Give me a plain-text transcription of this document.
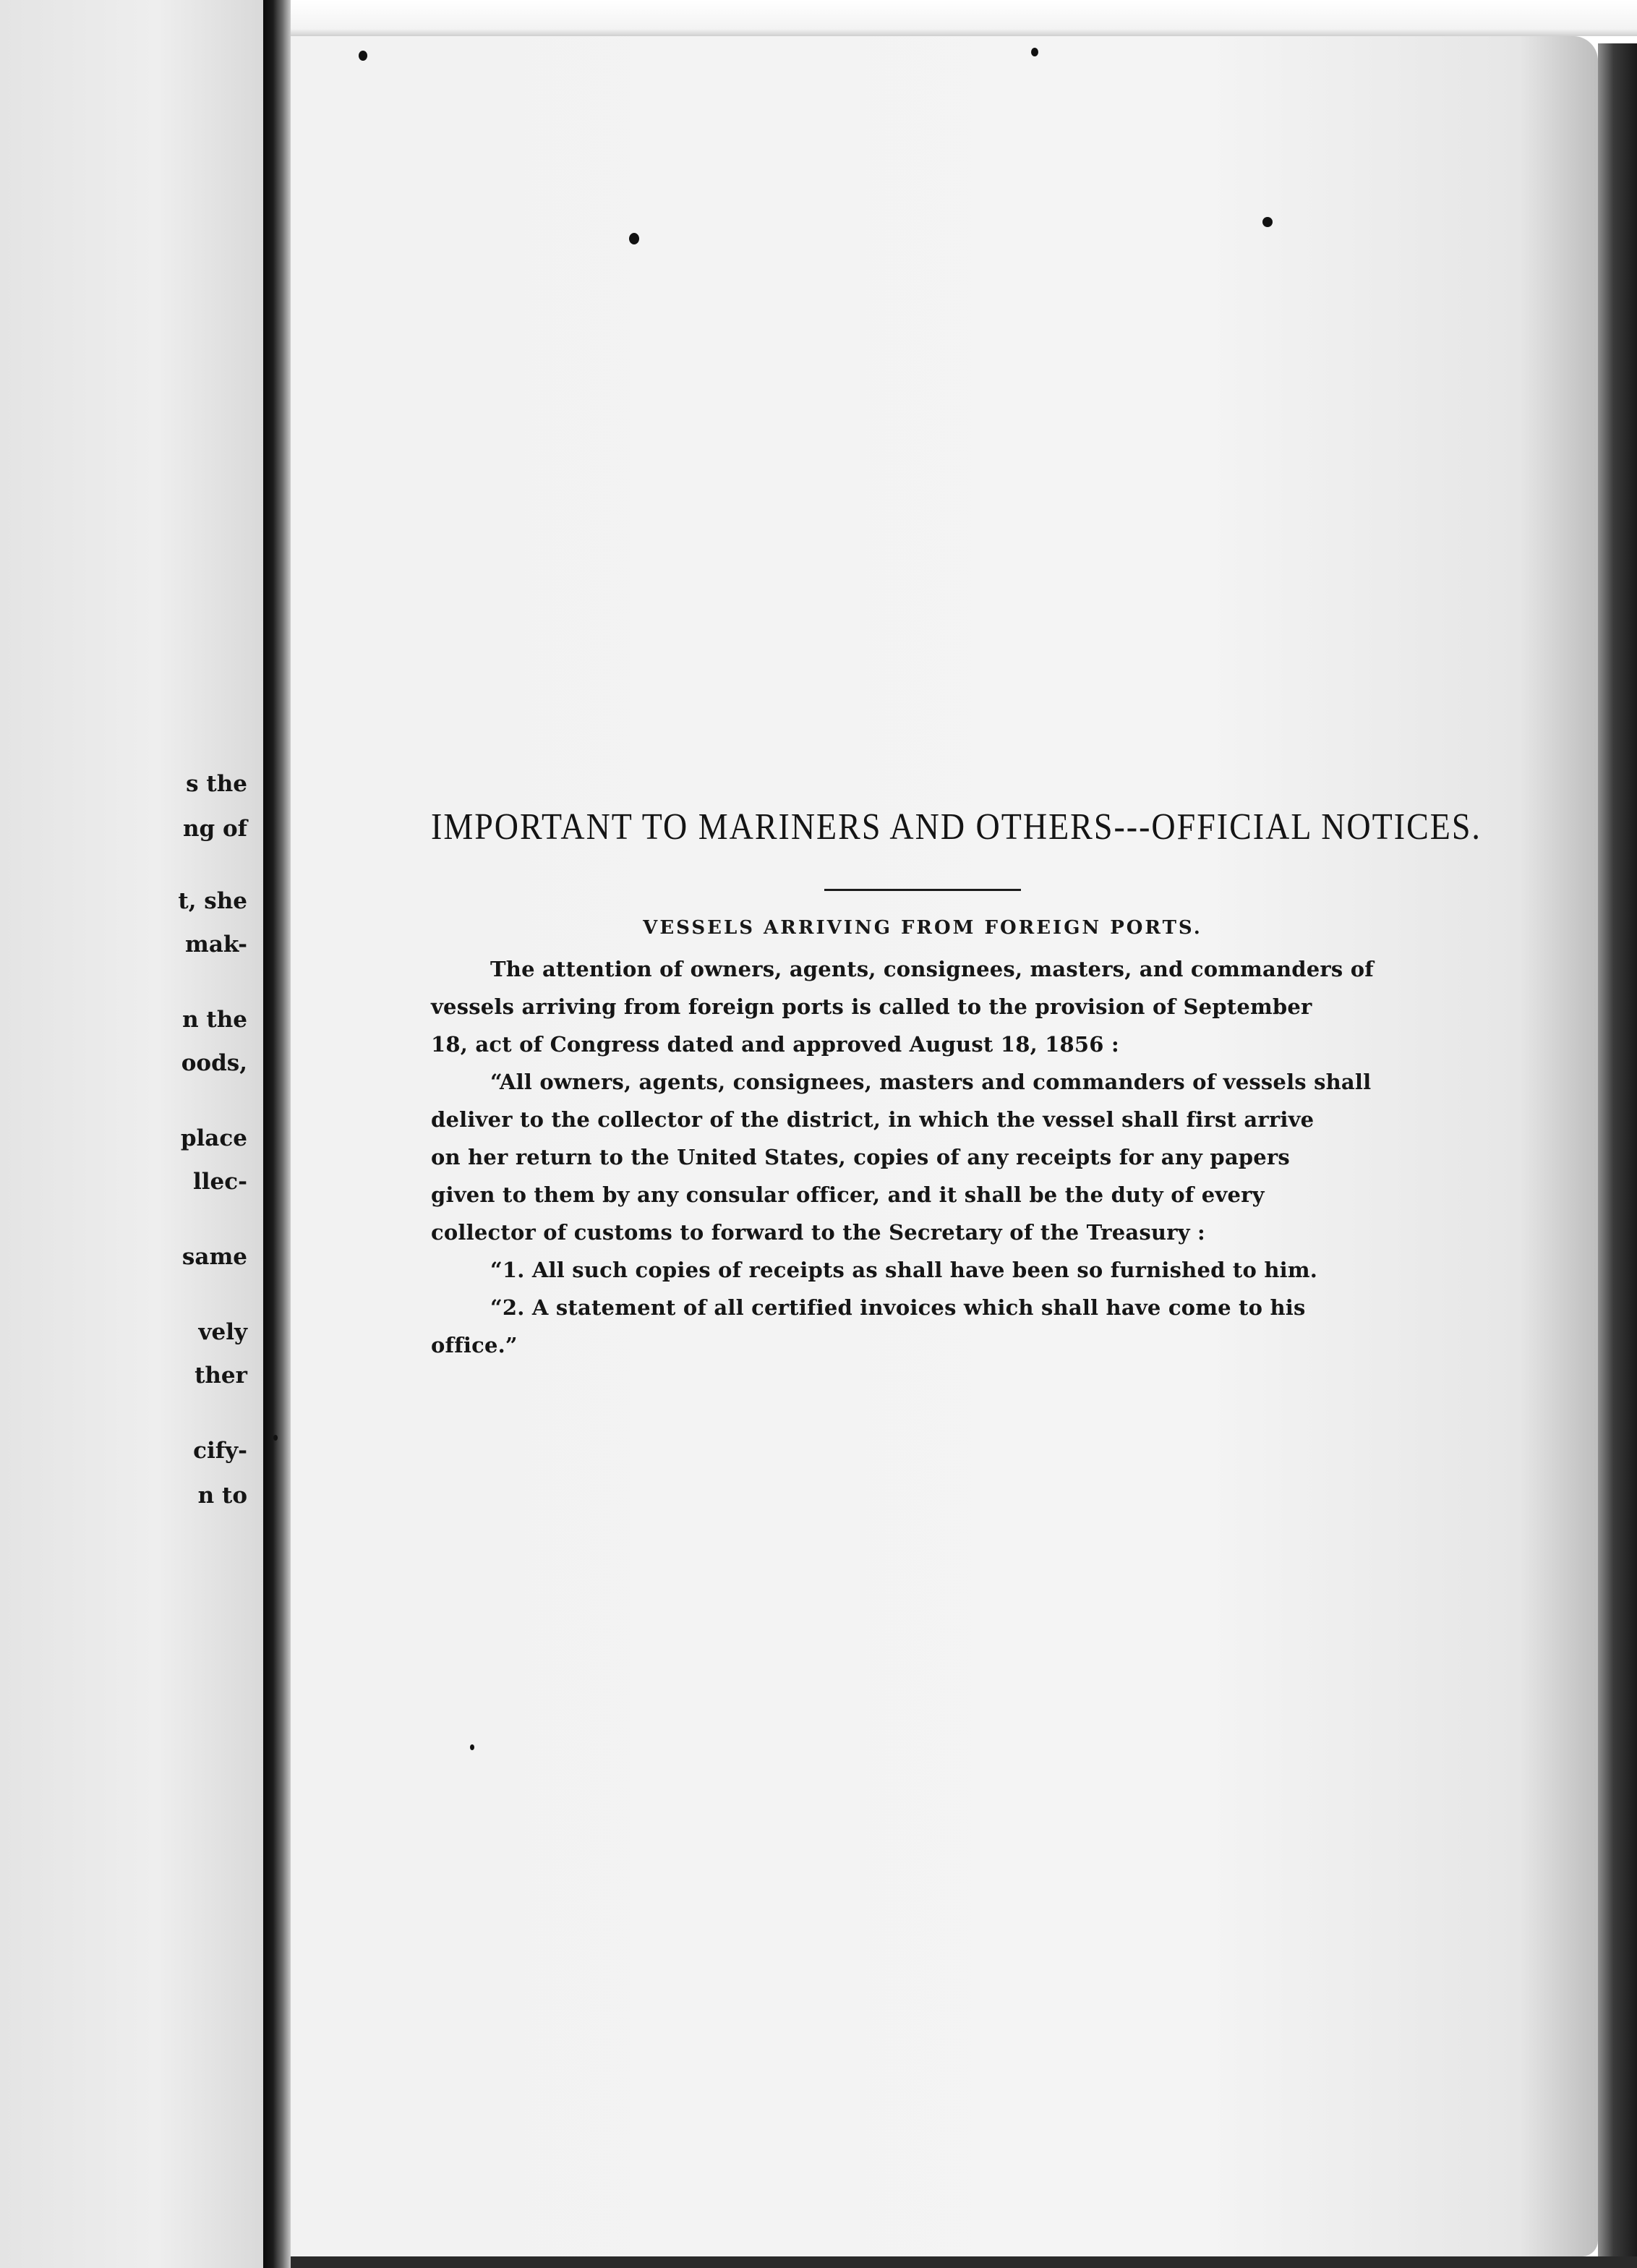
s the
ng of
t, she
mak-
n the
oods,
place
llec-
same
vely
ther
cify-
n to
IMPORTANT TO MARINERS AND OTHERS---OFFICIAL NOTICES.
VESSELS ARRIVING FROM FOREIGN PORTS.

The attention of owners, agents, consignees, masters, and commanders of
vessels arriving from foreign ports is called to the provision of September
18, act of Congress dated and approved August 18, 1856 :

“All owners, agents, consignees, masters and commanders of vessels shall
deliver to the collector of the district, in which the vessel shall first arrive
on her return to the United States, copies of any receipts for any papers
given to them by any consular officer, and it shall be the duty of every
collector of customs to forward to the Secretary of the Treasury :

“1. All such copies of receipts as shall have been so furnished to him.

“2. A statement of all certified invoices which shall have come to his
office.”
